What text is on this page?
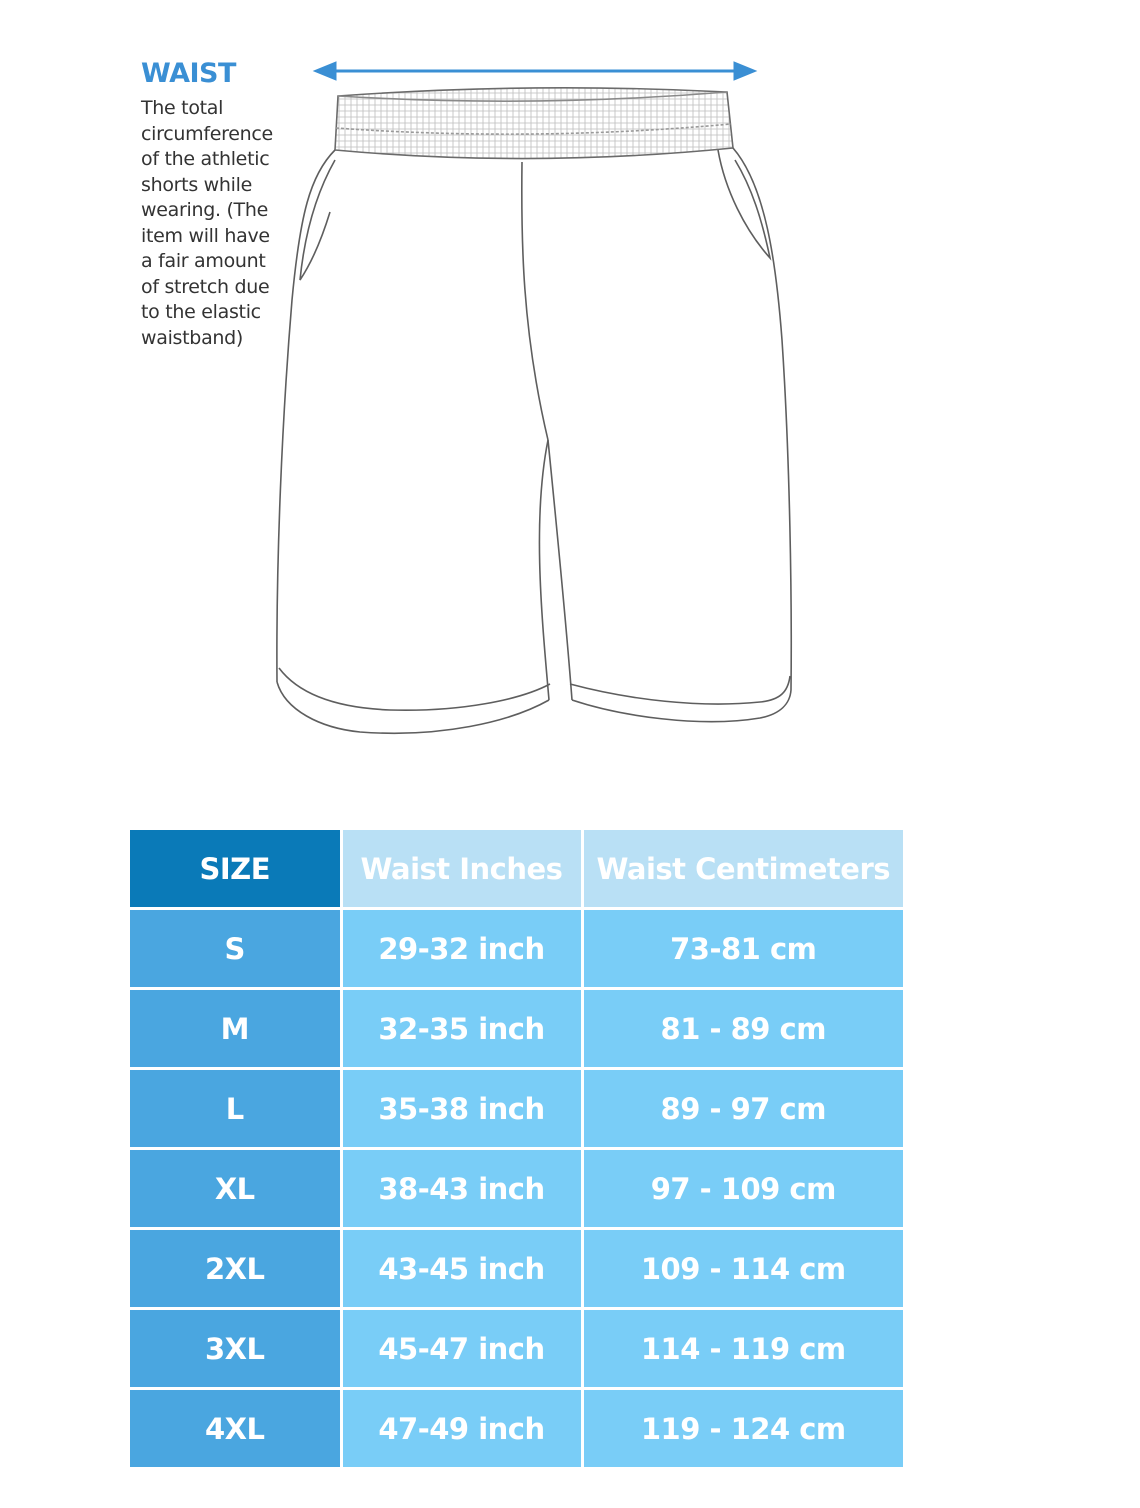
WAIST
The total
circumference
of the athletic
shorts while
wearing. (The
item will have
a fair amount
of stretch due
to the elastic
waistband)
SIZE	Waist Inches	Waist Centimeters
S	29-32 inch	73-81 cm
M	32-35 inch	81 - 89 cm
L	35-38 inch	89 - 97 cm
XL	38-43 inch	97 - 109 cm
2XL	43-45 inch	109 - 114 cm
3XL	45-47 inch	114 - 119 cm
4XL	47-49 inch	119 - 124 cm
